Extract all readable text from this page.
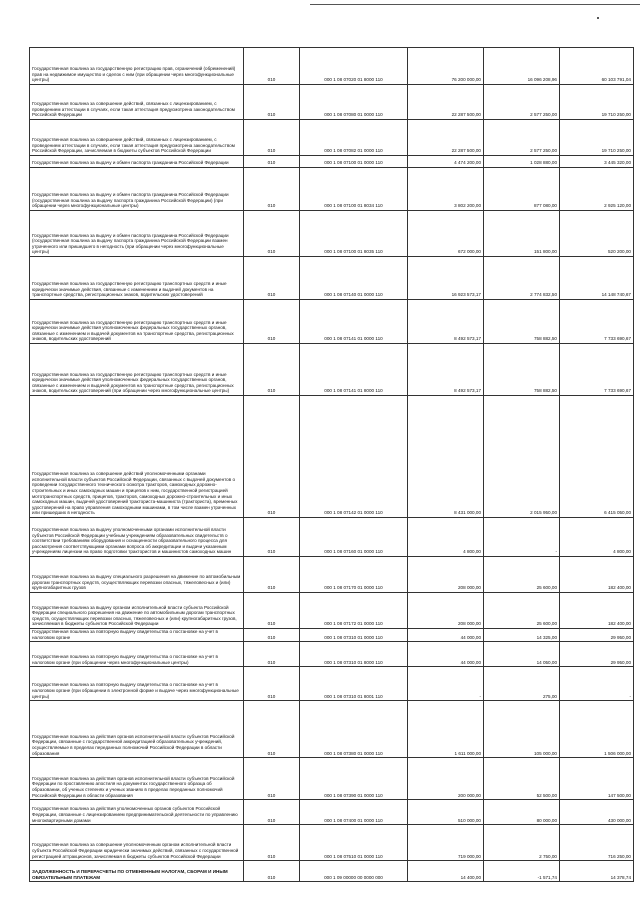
Государственная пошлина за государственную регистрацию прав, ограничений (обременений) прав на недвижимое имущество и сделок с ним (при обращении через многофункциональные центры)	010	000 1 08 07020 01 8000 110	76 200 000,00	16 096 208,96	60 103 791,04
Государственная пошлина за совершение действий, связанных с лицензированием, с проведением аттестации в случаях, если такая аттестация предусмотрена законодательством Российской Федерации	010	000 1 08 07080 01 0000 110	22 287 500,00	2 577 250,00	19 710 250,00
Государственная пошлина за совершение действий, связанных с лицензированием, с проведением аттестации в случаях, если такая аттестация предусмотрена законодательством Российской Федерации, зачисляемая в бюджеты субъектов Российской Федерации	010	000 1 08 07082 01 0000 110	22 287 500,00	2 577 250,00	19 710 250,00
Государственная пошлина за выдачу и обмен паспорта гражданина Российской Федерации	010	000 1 08 07100 01 0000 110	4 474 200,00	1 028 880,00	3 445 320,00
Государственная пошлина за выдачу и обмен паспорта гражданина Российской Федерации (государственная пошлина за выдачу паспорта гражданина Российской Федерации) (при обращении через многофункциональные центры)	010	000 1 08 07100 01 8034 110	3 802 200,00	877 080,00	2 925 120,00
Государственная пошлина за выдачу и обмен паспорта гражданина Российской Федерации (государственная пошлина за выдачу паспорта гражданина Российской Федерации взамен утраченного или пришедшего в негодность (при обращении через многофункциональные центры)	010	000 1 08 07100 01 8035 110	672 000,00	151 800,00	520 200,00
Государственная пошлина за государственную регистрацию транспортных средств и иные юридически значимые действия, связанные с изменением и выдачей документов на транспортные средства, регистрационных знаков, водительских удостоверений	010	000 1 08 07140 01 0000 110	16 923 573,17	2 774 832,50	14 148 740,67
Государственная пошлина за государственную регистрацию транспортных средств и иные юридически значимые действия уполномоченных федеральных государственных органов, связанные с изменением и выдачей документов на транспортные средства, регистрационных знаков, водительских удостоверений	010	000 1 08 07141 01 0000 110	8 492 573,17	758 882,50	7 733 690,67
Государственная пошлина за государственную регистрацию транспортных средств и иные юридически значимые действия уполномоченных федеральных государственных органов, связанные с изменением и выдачей документов на транспортные средства, регистрационных знаков, водительских удостоверений (при обращении через многофункциональные центры)	010	000 1 08 07141 01 8000 110	8 492 573,17	758 882,50	7 733 690,67
Государственная пошлина за совершение действий уполномоченными органами исполнительной власти субъектов Российской Федерации, связанных с выдачей документов о проведении государственного технического осмотра тракторов, самоходных дорожно-строительных и иных самоходных машин и прицепов к ним, государственной регистрацией мототранспортных средств, прицепов, тракторов, самоходных дорожно-строительных и иных самоходных машин, выдачей удостоверений тракториста-машиниста (тракториста), временных удостоверений на право управления самоходными машинами, в том числе взамен утраченных или пришедших в негодность	010	000 1 08 07142 01 0000 110	8 431 000,00	2 015 950,00	6 415 050,00
Государственная пошлина за выдачу уполномоченными органами исполнительной власти субъектов Российской Федерации учебным учреждениям образовательных свидетельств о соответствии требованиям оборудования и оснащенности образовательного процесса для рассмотрения соответствующими органами вопроса об аккредитации и выдачи указанным учреждениям лицензии на право подготовки трактористов и машинистов самоходных машин	010	000 1 08 07160 01 0000 110	4 800,00	-	4 800,00
Государственная пошлина за выдачу специального разрешения на движение по автомобильным дорогам транспортных средств, осуществляющих перевозки опасных, тяжеловесных и (или) крупногабаритных грузов	010	000 1 08 07170 01 0000 110	208 000,00	25 600,00	182 400,00
Государственная пошлина за выдачу органом исполнительной власти субъекта Российской Федерации специального разрешения на движение по автомобильным дорогам транспортных средств, осуществляющих перевозки опасных, тяжеловесных и (или) крупногабаритных грузов, зачисляемая в бюджеты субъектов Российской Федерации	010	000 1 08 07172 01 0000 110	208 000,00	25 600,00	182 400,00
Государственная пошлина за повторную выдачу свидетельства о постановке на учет в налоговом органе	010	000 1 08 07310 01 0000 110	44 000,00	14 325,00	29 950,00
Государственная пошлина за повторную выдачу свидетельства о постановке на учет в налоговом органе (при обращении через многофункциональные центры)	010	000 1 08 07310 01 8000 110	44 000,00	14 050,00	29 950,00
Государственная пошлина за повторную выдачу свидетельства о постановке на учет в налоговом органе (при обращении в электронной форме и выдаче через многофункциональные центры)	010	000 1 08 07310 01 8001 110	-	275,00	-
Государственная пошлина за действия органов исполнительной власти субъектов Российской Федерации, связанные с государственной аккредитацией образовательных учреждений, осуществляемые в пределах переданных полномочий Российской Федерации в области образования	010	000 1 08 07380 01 0000 110	1 611 000,00	105 000,00	1 506 000,00
Государственная пошлина за действия органов исполнительной власти субъектов Российской Федерации по проставлению апостиля на документах государственного образца об образовании, об ученых степенях и ученых званиях в пределах переданных полномочий Российской Федерации в области образования	010	000 1 08 07390 01 0000 110	200 000,00	52 500,00	147 500,00
Государственная пошлина за действия уполномоченных органов субъектов Российской Федерации, связанные с лицензированием предпринимательской деятельности по управлению многоквартирными домами	010	000 1 08 07400 01 0000 110	510 000,00	80 000,00	430 000,00
Государственная пошлина за совершение уполномоченным органом исполнительной власти субъекта Российской Федерации юридически значимых действий, связанных с государственной регистрацией аттракционов, зачисляемая в бюджеты субъектов Российской Федерации	010	000 1 08 07510 01 0000 110	719 000,00	2 750,00	716 250,00
ЗАДОЛЖЕННОСТЬ И ПЕРЕРАСЧЕТЫ ПО ОТМЕНЕННЫМ НАЛОГАМ, СБОРАМ И ИНЫМ ОБЯЗАТЕЛЬНЫМ ПЛАТЕЖАМ	010	000 1 09 00000 00 0000 000	14 400,00	-1 571,74	14 378,74
